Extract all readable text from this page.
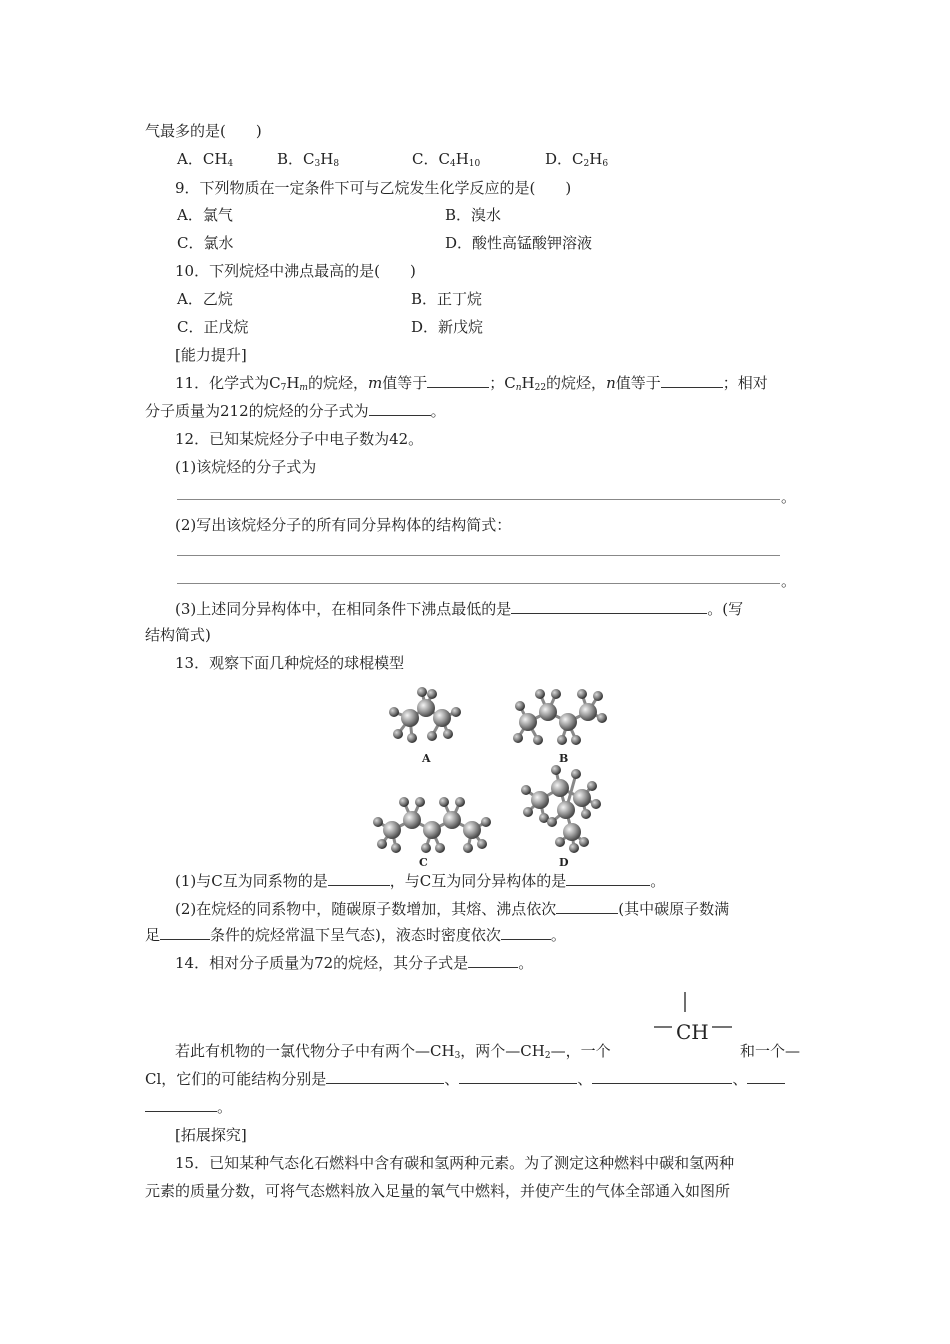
气最多的是(　　)
A．$CH_4$	B．$C_3H_8$	C．$C_4H_{10}$	D．$C_2H_6$
9．下列物质在一定条件下可与乙烷发生化学反应的是(　　)
A．氯气	B．溴水
C．氯水	D．酸性高锰酸钾溶液
10．下列烷烃中沸点最高的是(　　)
A．乙烷	B．正丁烷
C．正戊烷	D．新戊烷
[能力提升]
11．化学式为$C_7H_m$的烷烃，m值等于	；$C_nH_{22}$的烷烃，n值等于	；相对
分子质量为212的烷烃的分子式为	。
12．已知某烷烃分子中电子数为42。
(1)该烷烃的分子式为
。
(2)写出该烷烃分子的所有同分异构体的结构简式：
。
(3)上述同分异构体中，在相同条件下沸点最低的是	。(写
结构简式)
13．观察下面几种烷烃的球棍模型
A	B
C	D
(1)与C互为同系物的是	，与C互为同分异构体的是	。
(2)在烷烃的同系物中，随碳原子数增加，其熔、沸点依次	(其中碳原子数满
足	条件的烷烃常温下呈气态)，液态时密度依次	。
14．相对分子质量为72的烷烃，其分子式是	。
CH
若此有机物的一氯代物分子中有两个$—CH_3$，两个$—CH_2—$，一个	和一个—
Cl，它们的可能结构分别是	、	、	、
。
[拓展探究]
15．已知某种气态化石燃料中含有碳和氢两种元素。为了测定这种燃料中碳和氢两种
元素的质量分数，可将气态燃料放入足量的氧气中燃料，并使产生的气体全部通入如图所
